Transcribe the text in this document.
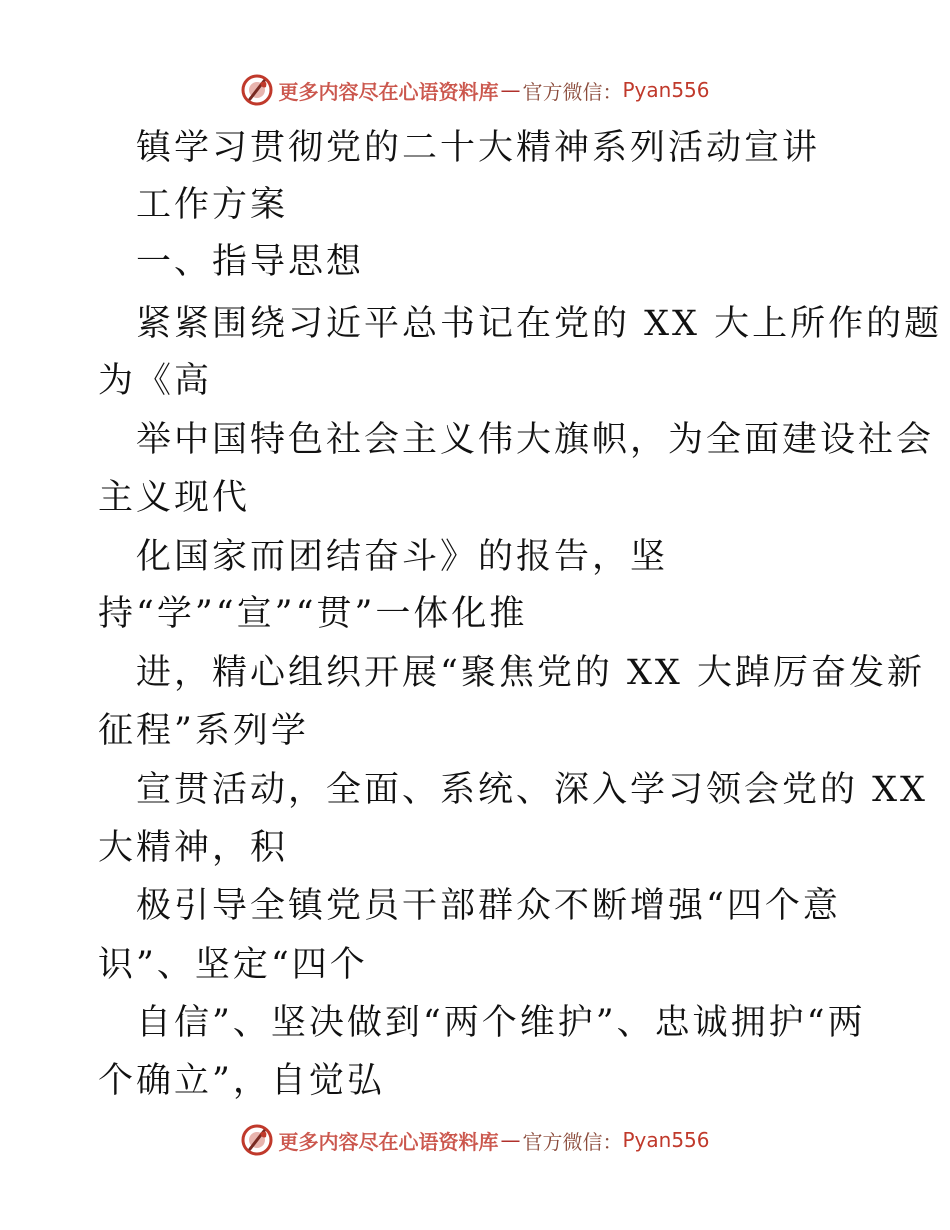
更多内容尽在心语资料库 — 官方微信： Pyan556
镇学习贯彻党的二十大精神系列活动宣讲
工作方案
一、指导思想
紧紧围绕习近平总书记在党的 XX 大上所作的题
为《高
举中国特色社会主义伟大旗帜，为全面建设社会
主义现代
化国家而团结奋斗》的报告，坚
持“学”“宣”“贯”一体化推
进，精心组织开展“聚焦党的 XX 大踔厉奋发新
征程”系列学
宣贯活动，全面、系统、深入学习领会党的 XX
大精神，积
极引导全镇党员干部群众不断增强“四个意
识”、坚定“四个
自信”、坚决做到“两个维护”、忠诚拥护“两
个确立”，自觉弘
更多内容尽在心语资料库 — 官方微信： Pyan556
